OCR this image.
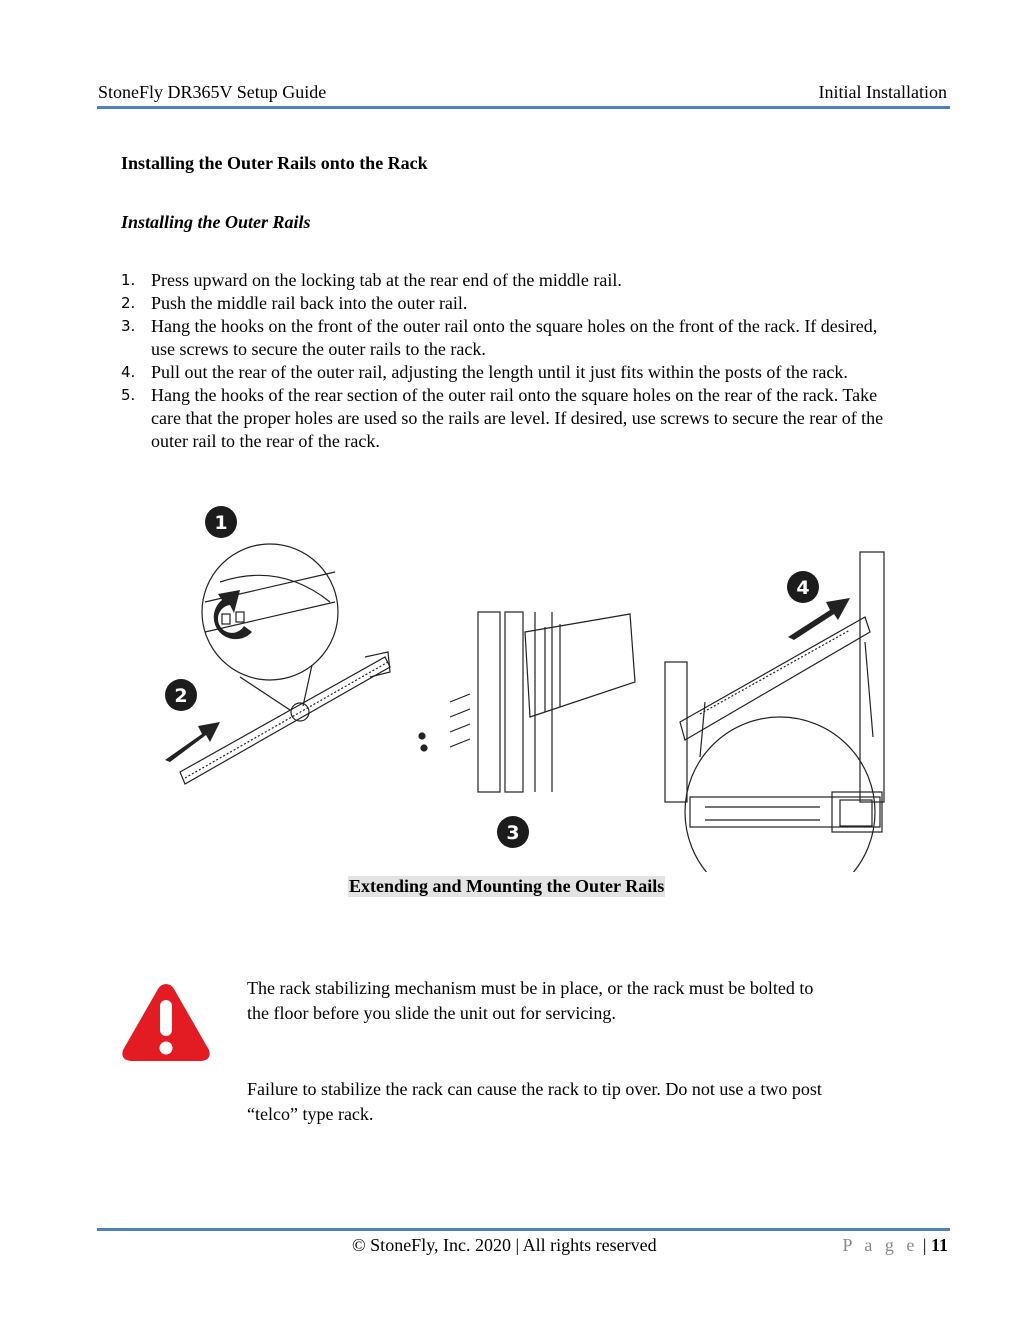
StoneFly DR365V Setup Guide	Initial Installation
Installing the Outer Rails onto the Rack
Installing the Outer Rails
1. Press upward on the locking tab at the rear end of the middle rail.
2. Push the middle rail back into the outer rail.
3. Hang the hooks on the front of the outer rail onto the square holes on the front of the rack. If desired, use screws to secure the outer rails to the rack.
4. Pull out the rear of the outer rail, adjusting the length until it just fits within the posts of the rack.
5. Hang the hooks of the rear section of the outer rail onto the square holes on the rear of the rack. Take care that the proper holes are used so the rails are level. If desired, use screws to secure the rear of the outer rail to the rear of the rack.
1
2
3
4
Extending and Mounting the Outer Rails
The rack stabilizing mechanism must be in place, or the rack must be bolted to the floor before you slide the unit out for servicing.
Failure to stabilize the rack can cause the rack to tip over. Do not use a two post “telco” type rack.
© StoneFly, Inc. 2020 | All rights reserved	P a g e | 11
